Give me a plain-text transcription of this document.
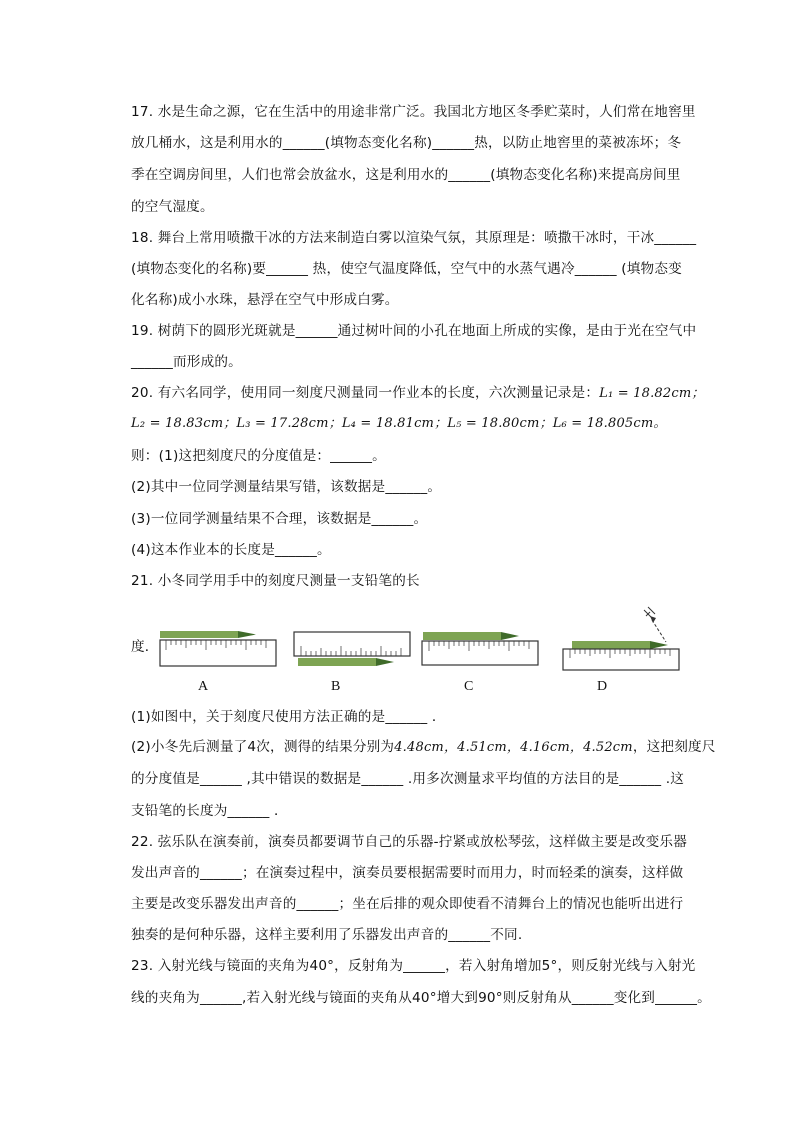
17. 水是生命之源，它在生活中的用途非常广泛。我国北方地区冬季贮菜时，人们常在地窖里
放几桶水，这是利用水的______(填物态变化名称)______热，以防止地窖里的菜被冻坏；冬
季在空调房间里，人们也常会放盆水，这是利用水的______(填物态变化名称)来提高房间里
的空气湿度。
18. 舞台上常用喷撒干冰的方法来制造白雾以渲染气氛，其原理是：喷撒干冰时，干冰______
(填物态变化的名称)要______ 热，使空气温度降低，空气中的水蒸气遇冷______ (填物态变
化名称)成小水珠，悬浮在空气中形成白雾。
19. 树荫下的圆形光斑就是______通过树叶间的小孔在地面上所成的实像，是由于光在空气中
______而形成的。
20. 有六名同学，使用同一刻度尺测量同一作业本的长度，六次测量记录是：L₁ = 18.82cm；
L₂ = 18.83cm；L₃ = 17.28cm；L₄ = 18.81cm；L₅ = 18.80cm；L₆ = 18.805cm。
则：(1)这把刻度尺的分度值是：______。
(2)其中一位同学测量结果写错，该数据是______。
(3)一位同学测量结果不合理，该数据是______。
(4)这本作业本的长度是______。
21. 小冬同学用手中的刻度尺测量一支铅笔的长
度．
A	B	C	D
(1)如图中，关于刻度尺使用方法正确的是______ ．
(2)小冬先后测量了4次，测得的结果分别为4.48cm，4.51cm，4.16cm，4.52cm，这把刻度尺
的分度值是______ ,其中错误的数据是______ .用多次测量求平均值的方法目的是______ .这
支铅笔的长度为______ ．
22. 弦乐队在演奏前，演奏员都要调节自己的乐器-拧紧或放松琴弦，这样做主要是改变乐器
发出声音的______；在演奏过程中，演奏员要根据需要时而用力，时而轻柔的演奏，这样做
主要是改变乐器发出声音的______；坐在后排的观众即使看不清舞台上的情况也能听出进行
独奏的是何种乐器，这样主要利用了乐器发出声音的______不同.
23. 入射光线与镜面的夹角为40°，反射角为______，若入射角增加5°，则反射光线与入射光
线的夹角为______,若入射光线与镜面的夹角从40°增大到90°则反射角从______变化到______。
